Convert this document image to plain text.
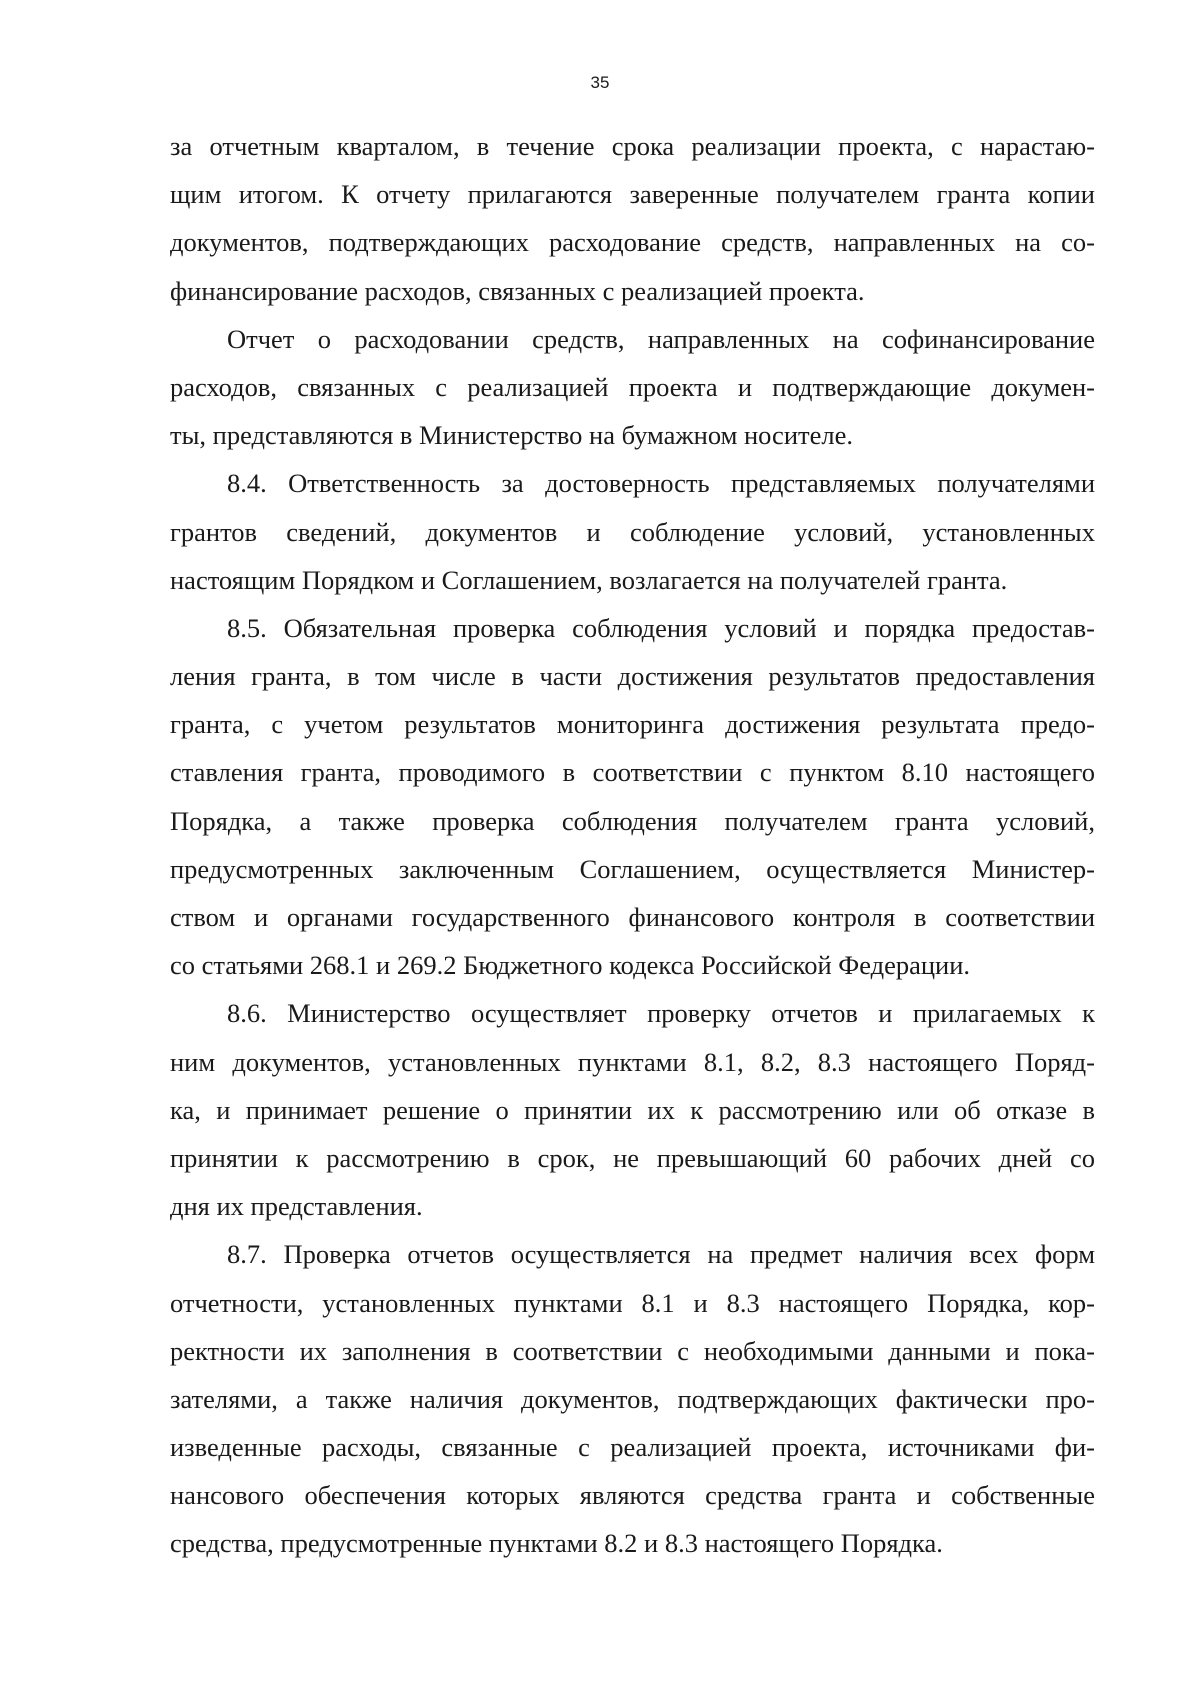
35
за отчетным кварталом, в течение срока реализации проекта, с нарастаю-
щим итогом. К отчету прилагаются заверенные получателем гранта копии
документов, подтверждающих расходование средств, направленных на со-
финансирование расходов, связанных с реализацией проекта.
Отчет о расходовании средств, направленных на софинансирование
расходов, связанных с реализацией проекта и подтверждающие докумен-
ты, представляются в Министерство на бумажном носителе.
8.4. Ответственность за достоверность представляемых получателями
грантов сведений, документов и соблюдение условий, установленных
настоящим Порядком и Соглашением, возлагается на получателей гранта.
8.5. Обязательная проверка соблюдения условий и порядка предостав-
ления гранта, в том числе в части достижения результатов предоставления
гранта, с учетом результатов мониторинга достижения результата предо-
ставления гранта, проводимого в соответствии с пунктом 8.10 настоящего
Порядка, а также проверка соблюдения получателем гранта условий,
предусмотренных заключенным Соглашением, осуществляется Министер-
ством и органами государственного финансового контроля в соответствии
со статьями 268.1 и 269.2 Бюджетного кодекса Российской Федерации.
8.6. Министерство осуществляет проверку отчетов и прилагаемых к
ним документов, установленных пунктами 8.1, 8.2, 8.3 настоящего Поряд-
ка, и принимает решение о принятии их к рассмотрению или об отказе в
принятии к рассмотрению в срок, не превышающий 60 рабочих дней со
дня их представления.
8.7. Проверка отчетов осуществляется на предмет наличия всех форм
отчетности, установленных пунктами 8.1 и 8.3 настоящего Порядка, кор-
ректности их заполнения в соответствии с необходимыми данными и пока-
зателями, а также наличия документов, подтверждающих фактически про-
изведенные расходы, связанные с реализацией проекта, источниками фи-
нансового обеспечения которых являются средства гранта и собственные
средства, предусмотренные пунктами 8.2 и 8.3 настоящего Порядка.
